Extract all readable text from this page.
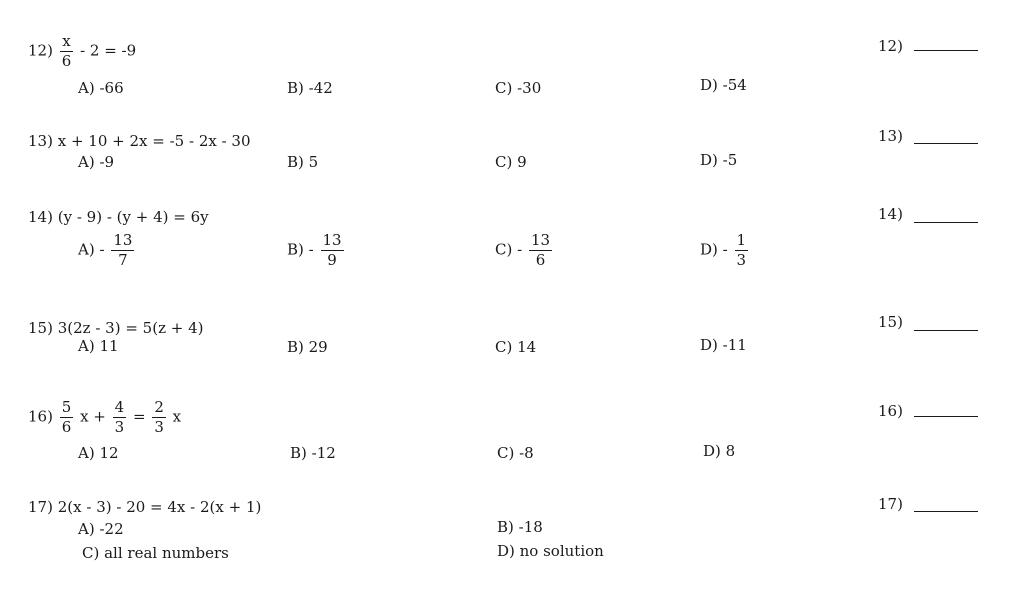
$12) \frac{x}{6} - 2 = -9$
A) -66	B) -42	C) -30	D) -54
12)
13) x + 10 + 2x = -5 - 2x - 30
A) -9	B) 5	C) 9	D) -5
13)
14) (y - 9) - (y + 4) = 6y
$A) - \frac{13}{7}$	$B) - \frac{13}{9}$	$C) - \frac{13}{6}$	$D) - \frac{1}{3}$
14)
15) 3(2z - 3) = 5(z + 4)
A) 11	B) 29	C) 14	D) -11
15)
$16) \frac{5}{6}$ $x + \frac{4}{3} = \frac{2}{3}$ x
A) 12	B) -12	C) -8	D) 8
16)
17) 2(x - 3) - 20 = 4x - 2(x + 1)
A) -22	B) -18
C) all real numbers	D) no solution
17)
